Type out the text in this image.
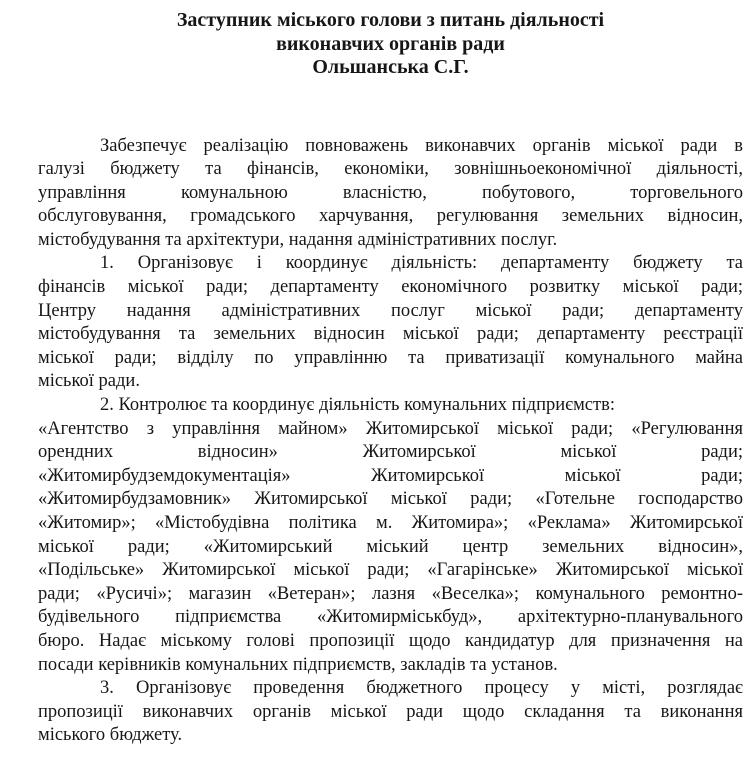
Заступник міського голови з питань діяльності
виконавчих органів ради
Ольшанська С.Г.

Забезпечує реалізацію повноважень виконавчих органів міської ради в
галузі бюджету та фінансів, економіки, зовнішньоекономічної діяльності,
управління комунальною власністю, побутового, торговельного
обслуговування, громадського харчування, регулювання земельних відносин,
містобудування та архітектури, надання адміністративних послуг.

1. Організовує і координує діяльність: департаменту бюджету та
фінансів міської ради; департаменту економічного розвитку міської ради;
Центру надання адміністративних послуг міської ради; департаменту
містобудування та земельних відносин міської ради; департаменту реєстрації
міської ради; відділу по управлінню та приватизації комунального майна
міської ради.

2. Контролює та координує діяльність комунальних підприємств:
«Агентство з управління майном» Житомирської міської ради; «Регулювання
орендних відносин» Житомирської міської ради;
«Житомирбудземдокументація» Житомирської міської ради;
«Житомирбудзамовник» Житомирської міської ради; «Готельне господарство
«Житомир»; «Містобудівна політика м. Житомира»; «Реклама» Житомирської
міської ради; «Житомирський міський центр земельних відносин»,
«Подільське» Житомирської міської ради; «Гагарінське» Житомирської міської
ради; «Русичі»; магазин «Ветеран»; лазня «Веселка»; комунального ремонтно-
будівельного підприємства «Житомирміськбуд», архітектурно-планувального
бюро. Надає міському голові пропозиції щодо кандидатур для призначення на
посади керівників комунальних підприємств, закладів та установ.

3. Організовує проведення бюджетного процесу у місті, розглядає
пропозиції виконавчих органів міської ради щодо складання та виконання
міського бюджету.
